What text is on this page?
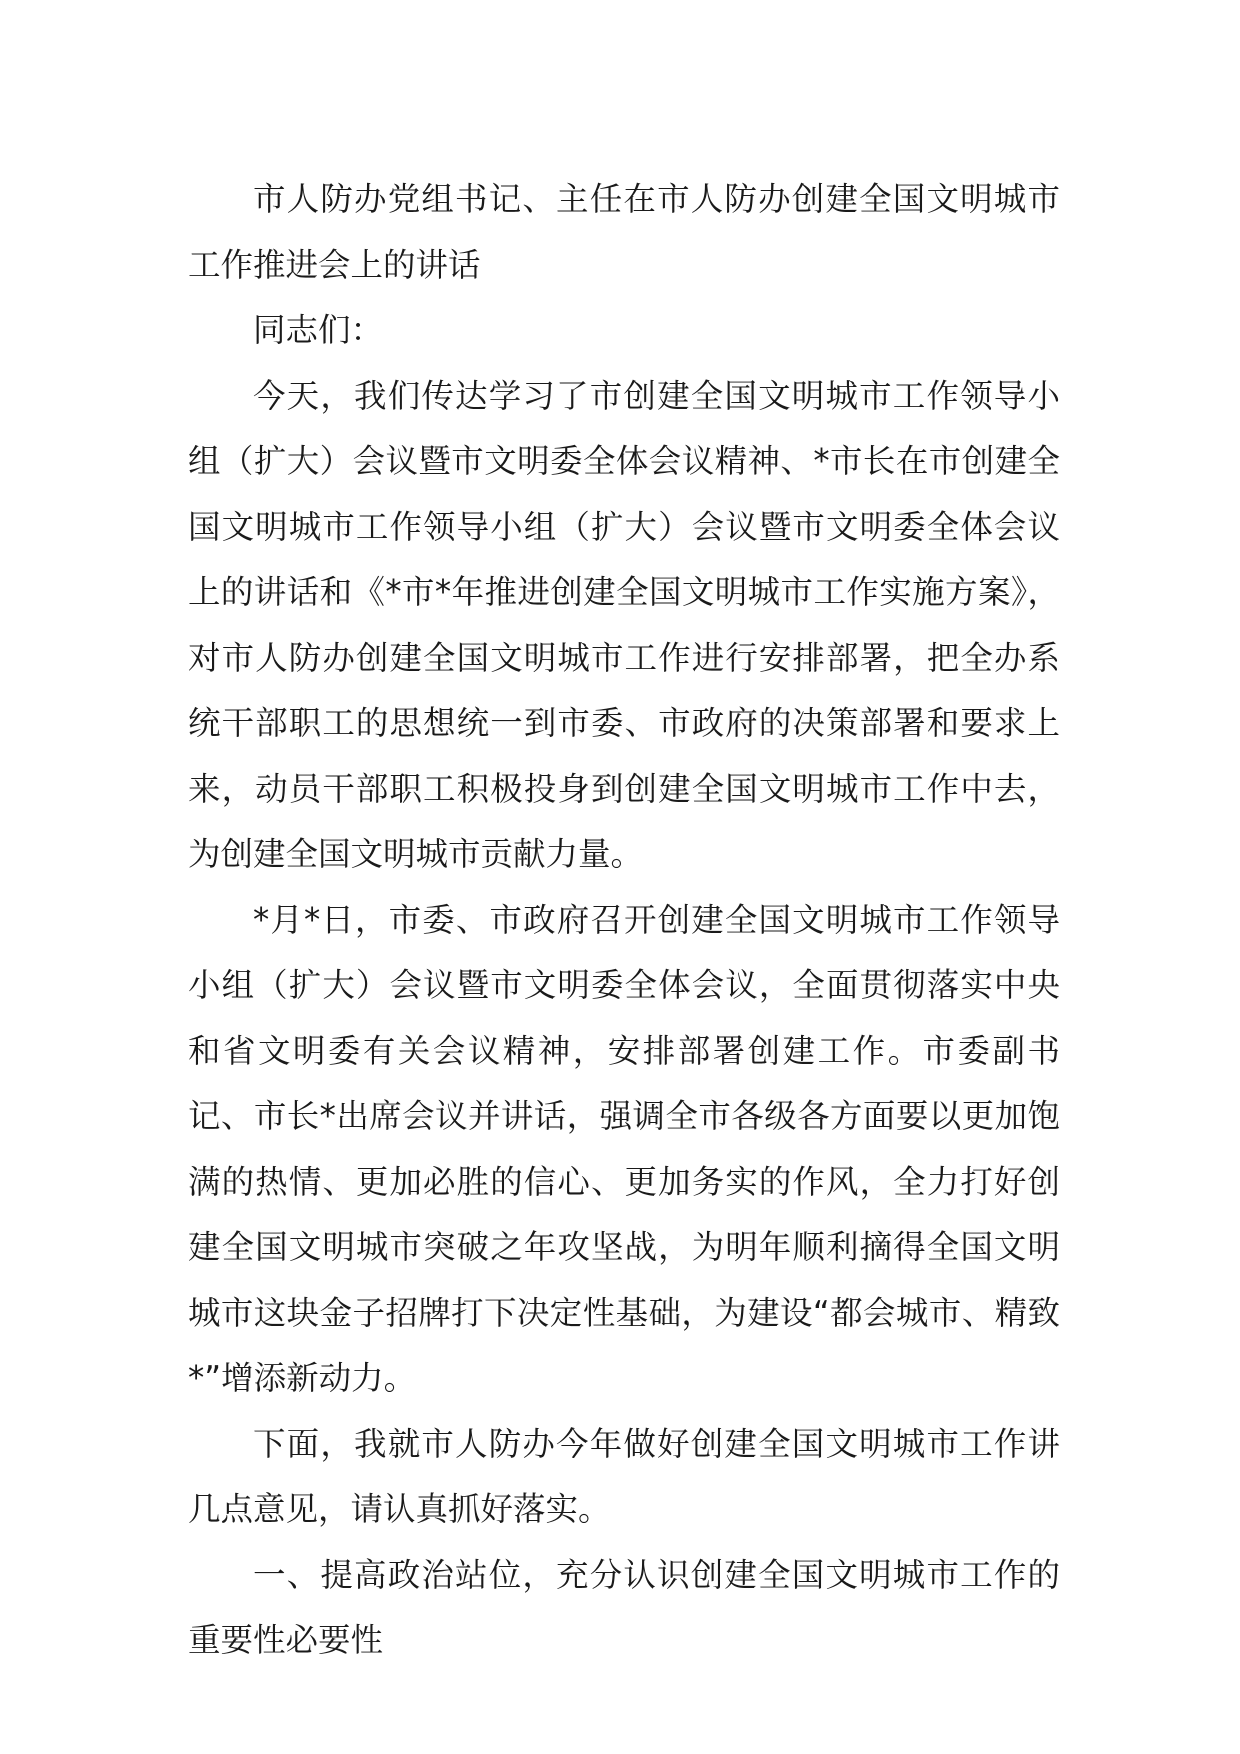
市人防办党组书记、主任在市人防办创建全国文明城市工作推进会上的讲话

同志们：

今天，我们传达学习了市创建全国文明城市工作领导小组（扩大）会议暨市文明委全体会议精神、*市长在市创建全国文明城市工作领导小组（扩大）会议暨市文明委全体会议上的讲话和《*市*年推进创建全国文明城市工作实施方案》，对市人防办创建全国文明城市工作进行安排部署，把全办系统干部职工的思想统一到市委、市政府的决策部署和要求上来，动员干部职工积极投身到创建全国文明城市工作中去，为创建全国文明城市贡献力量。

*月*日，市委、市政府召开创建全国文明城市工作领导小组（扩大）会议暨市文明委全体会议，全面贯彻落实中央和省文明委有关会议精神，安排部署创建工作。市委副书记、市长*出席会议并讲话，强调全市各级各方面要以更加饱满的热情、更加必胜的信心、更加务实的作风，全力打好创建全国文明城市突破之年攻坚战，为明年顺利摘得全国文明城市这块金子招牌打下决定性基础，为建设“都会城市、精致*”增添新动力。

下面，我就市人防办今年做好创建全国文明城市工作讲几点意见，请认真抓好落实。

一、提高政治站位，充分认识创建全国文明城市工作的重要性必要性
